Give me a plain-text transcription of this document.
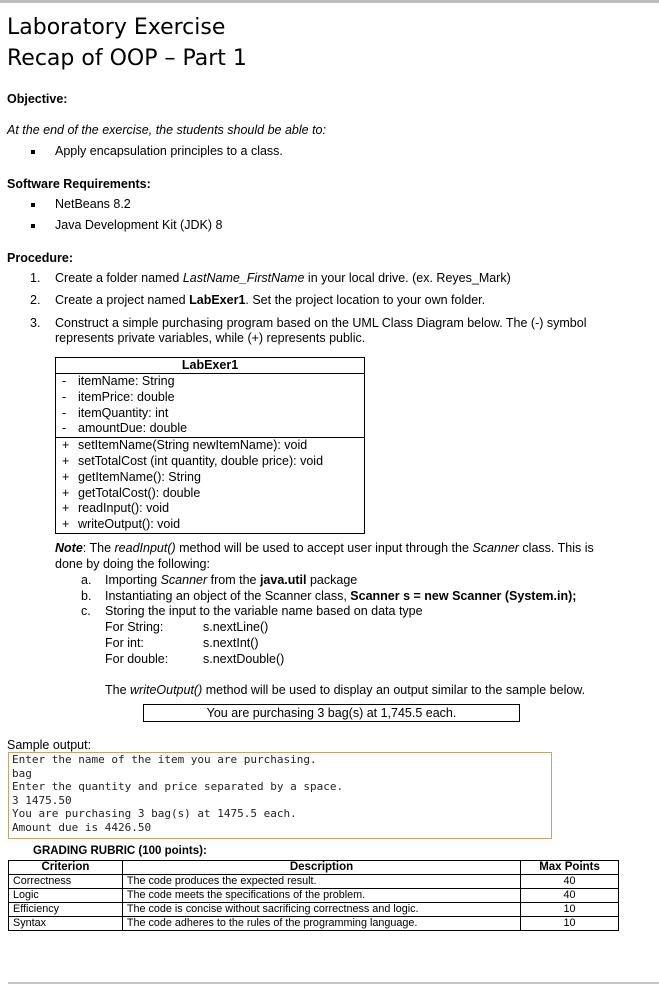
Laboratory Exercise
Recap of OOP – Part 1
Objective:
At the end of the exercise, the students should be able to:
Apply encapsulation principles to a class.
Software Requirements:
NetBeans 8.2
Java Development Kit (JDK) 8
Procedure:
1. Create a folder named LastName_FirstName in your local drive. (ex. Reyes_Mark)
2. Create a project named LabExer1. Set the project location to your own folder.
3. Construct a simple purchasing program based on the UML Class Diagram below. The (-) symbol
represents private variables, while (+) represents public.
LabExer1
- itemName: String
- itemPrice: double
- itemQuantity: int
- amountDue: double
+ setItemName(String newItemName): void
+ setTotalCost (int quantity, double price): void
+ getItemName(): String
+ getTotalCost(): double
+ readInput(): void
+ writeOutput(): void
Note: The readInput() method will be used to accept user input through the Scanner class. This is
done by doing the following:
a. Importing Scanner from the java.util package
b. Instantiating an object of the Scanner class, Scanner s = new Scanner (System.in);
c. Storing the input to the variable name based on data type
For String:	s.nextLine()
For int:	s.nextInt()
For double:	s.nextDouble()
The writeOutput() method will be used to display an output similar to the sample below.
You are purchasing 3 bag(s) at 1,745.5 each.
Sample output:
Enter the name of the item you are purchasing.
bag
Enter the quantity and price separated by a space.
3 1475.50
You are purchasing 3 bag(s) at 1475.5 each.
Amount due is 4426.50
GRADING RUBRIC (100 points):
Criterion	Description	Max Points
Correctness	The code produces the expected result.	40
Logic	The code meets the specifications of the problem.	40
Efficiency	The code is concise without sacrificing correctness and logic.	10
Syntax	The code adheres to the rules of the programming language.	10
